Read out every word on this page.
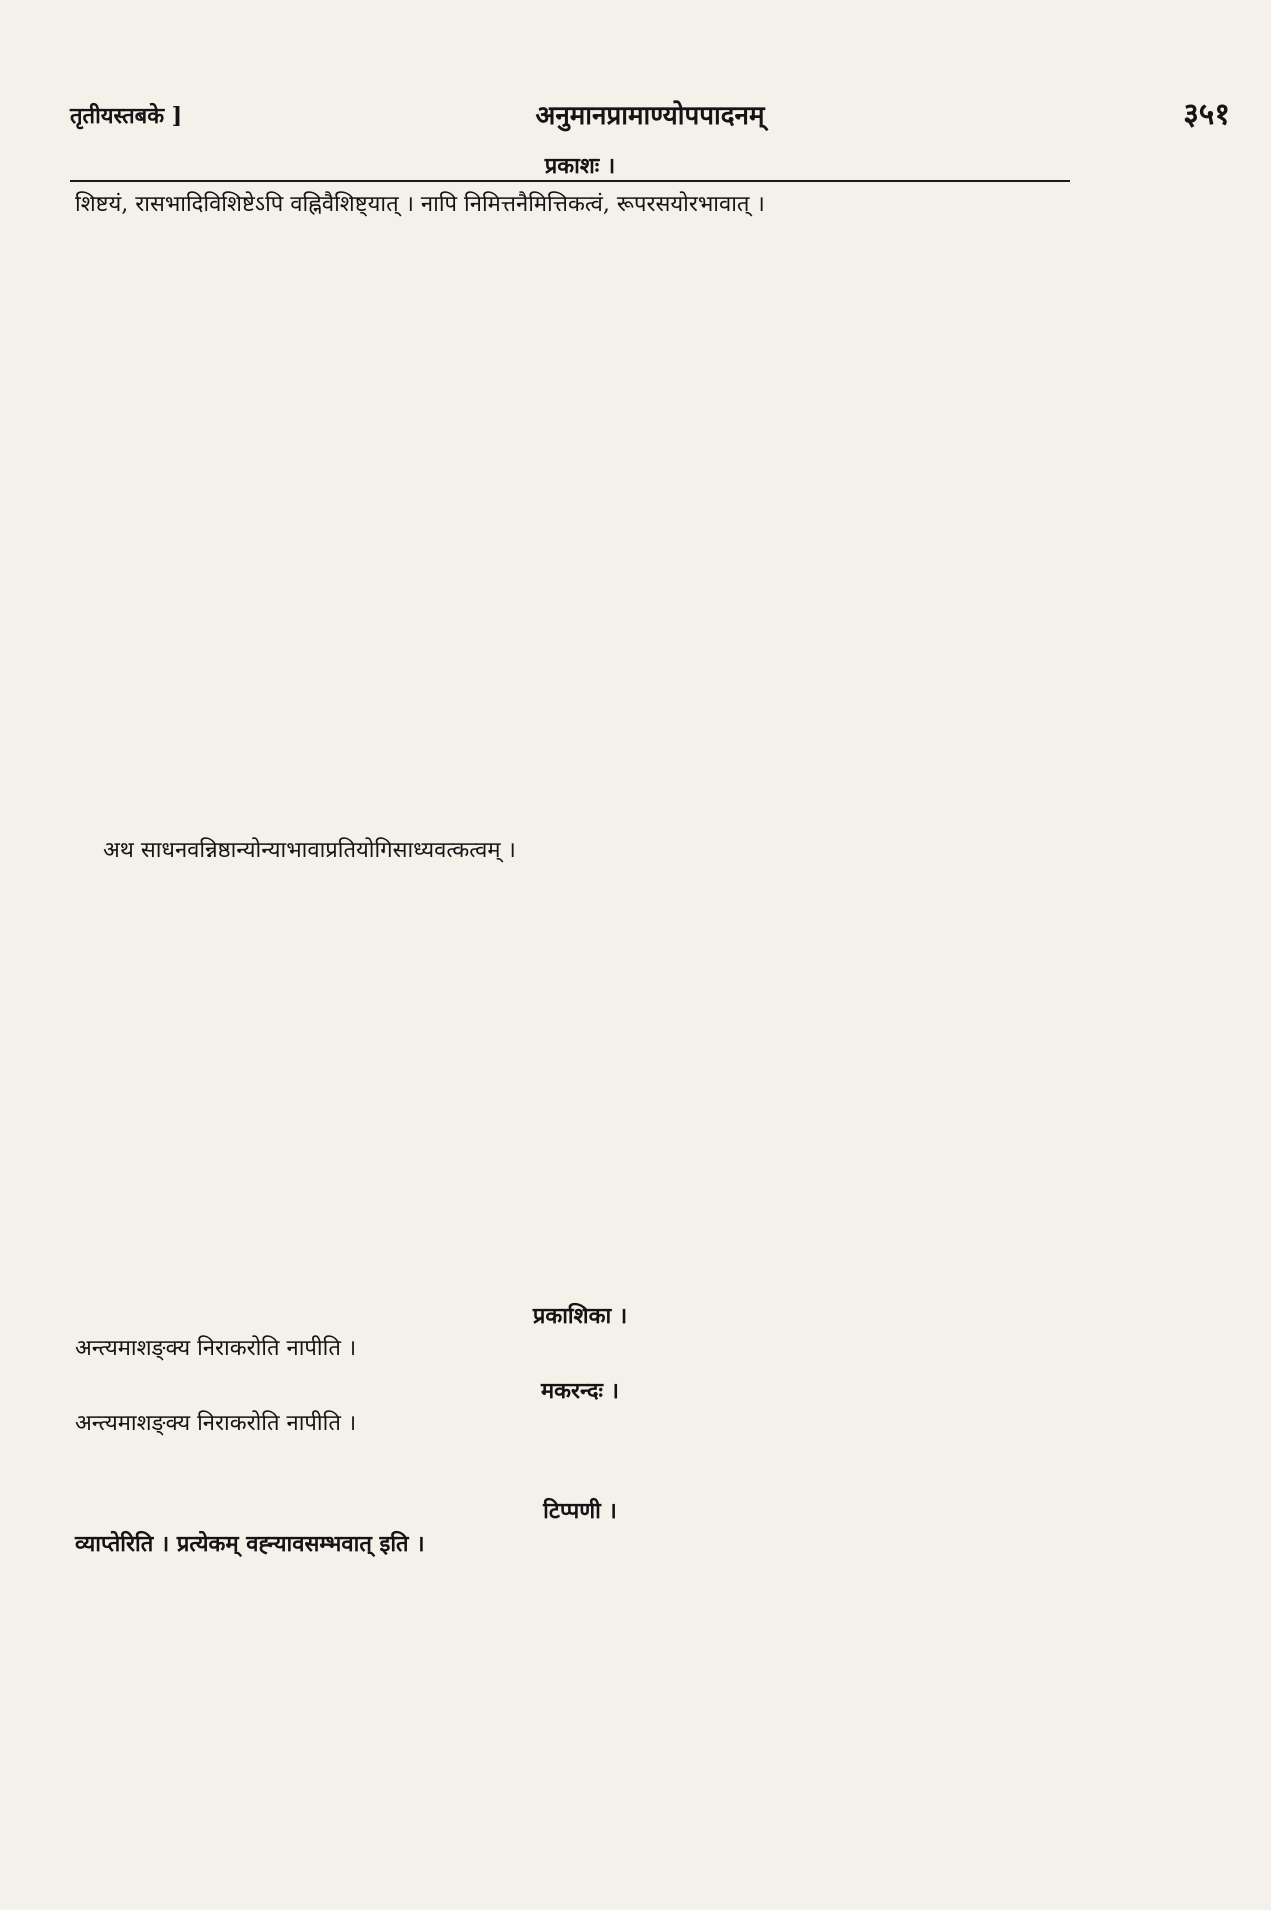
तृतीयस्तबके ]	अनुमानप्रामाण्योपपादनम्	३५१
प्रकाशः ।
शिष्टयं, रासभादिविशिष्टेऽपि वह्निवैशिष्ट्यात् । नापि निमित्तनैमित्तिकत्वं, रूपरसयोरभावात् ।
अथ साधनवन्निष्ठान्योन्याभावाप्रतियोगिसाध्यवत्कत्वम् ।
प्रकाशिका ।
अन्त्यमाशङ्क्य निराकरोति नापीति ।
मकरन्दः ।
अन्त्यमाशङ्क्य निराकरोति नापीति ।
टिप्पणी ।
व्याप्तेरिति । प्रत्येकम् वह्न्यावसम्भवात् इति ।
